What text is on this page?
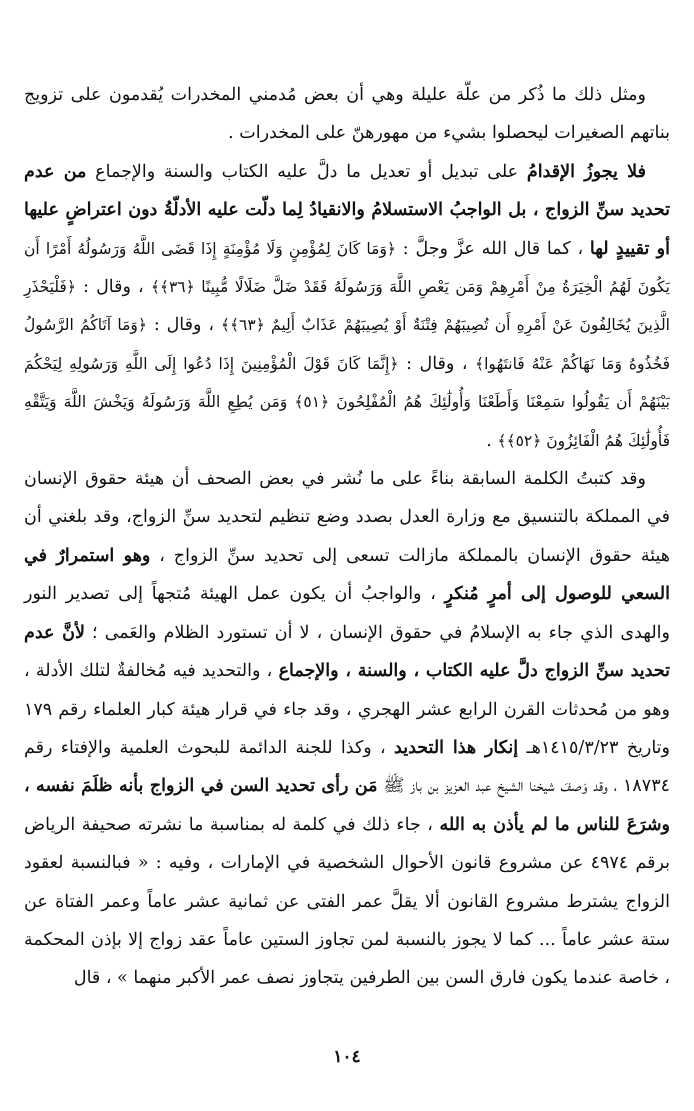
ومثل ذلك ما ذُكر من علّة عليلة وهي أن بعض مُدمني المخدرات يُقدمون على تزويج بناتهم الصغيرات ليحصلوا بشيء من مهورهنّ على المخدرات .

فلا يجوزُ الإقدامُ على تبديل أو تعديل ما دلَّ عليه الكتاب والسنة والإجماع من عدم تحديد سنِّ الزواج ، بل الواجبُ الاستسلامُ والانقيادُ لِما دلّت عليه الأدلّةُ دون اعتراضٍ عليها أو تقييدٍ لها ، كما قال الله عزَّ وجلَّ : ﴿وَمَا كَانَ لِمُؤْمِنٍ وَلَا مُؤْمِنَةٍ إِذَا قَضَى اللَّهُ وَرَسُولُهُ أَمْرًا أَن يَكُونَ لَهُمُ الْخِيَرَةُ مِنْ أَمْرِهِمْ وَمَن يَعْصِ اللَّهَ وَرَسُولَهُ فَقَدْ ضَلَّ ضَلَالًا مُّبِينًا ﴿٣٦﴾﴾ ، وقال : ﴿فَلْيَحْذَرِ الَّذِينَ يُخَالِفُونَ عَنْ أَمْرِهِ أَن تُصِيبَهُمْ فِتْنَةٌ أَوْ يُصِيبَهُمْ عَذَابٌ أَلِيمٌ ﴿٦٣﴾﴾ ، وقال : ﴿وَمَا آتَاكُمُ الرَّسُولُ فَخُذُوهُ وَمَا نَهَاكُمْ عَنْهُ فَانتَهُوا﴾ ، وقال : ﴿إِنَّمَا كَانَ قَوْلَ الْمُؤْمِنِينَ إِذَا دُعُوا إِلَى اللَّهِ وَرَسُولِهِ لِيَحْكُمَ بَيْنَهُمْ أَن يَقُولُوا سَمِعْنَا وَأَطَعْنَا وَأُولَٰئِكَ هُمُ الْمُفْلِحُونَ ﴿٥١﴾ وَمَن يُطِعِ اللَّهَ وَرَسُولَهُ وَيَخْشَ اللَّهَ وَيَتَّقْهِ فَأُولَٰئِكَ هُمُ الْفَائِزُونَ ﴿٥٢﴾﴾ .

وقد كتبتُ الكلمة السابقة بناءً على ما نُشر في بعض الصحف أن هيئة حقوق الإنسان في المملكة بالتنسيق مع وزارة العدل بصدد وضع تنظيم لتحديد سنِّ الزواج، وقد بلغني أن هيئة حقوق الإنسان بالمملكة مازالت تسعى إلى تحديد سنِّ الزواج ، وهو استمرارٌ في السعي للوصول إلى أمرٍ مُنكرٍ ، والواجبُ أن يكون عمل الهيئة مُتجهاً إلى تصدير النور والهدى الذي جاء به الإسلامُ في حقوق الإنسان ، لا أن تستورد الظلام والعَمى ؛ لأنَّ عدم تحديد سنِّ الزواج دلَّ عليه الكتاب ، والسنة ، والإجماع ، والتحديد فيه مُخالفةٌ لتلك الأدلة ، وهو من مُحدثات القرن الرابع عشر الهجري ، وقد جاء في قرار هيئة كبار العلماء رقم ١٧٩ وتاريخ ١٤١٥/٣/٢٣هـ إنكار هذا التحديد ، وكذا للجنة الدائمة للبحوث العلمية والإفتاء رقم ١٨٧٣٤ ، وقد وَصفَ شيخنا الشيخ عبد العزيز بن باز ﷺ مَن رأى تحديد السن في الزواج بأنه ظلَمَ نفسه ، وشرَعَ للناس ما لم يأذن به الله ، جاء ذلك في كلمة له بمناسبة ما نشرته صحيفة الرياض برقم ٤٩٧٤ عن مشروع قانون الأحوال الشخصية في الإمارات ، وفيه : « فبالنسبة لعقود الزواج يشترط مشروع القانون ألا يقلَّ عمر الفتى عن ثمانية عشر عاماً وعمر الفتاة عن ستة عشر عاماً ... كما لا يجوز بالنسبة لمن تجاوز الستين عاماً عقد زواج إلا بإذن المحكمة ، خاصة عندما يكون فارق السن بين الطرفين يتجاوز نصف عمر الأكبر منهما » ، قال

١٠٤
